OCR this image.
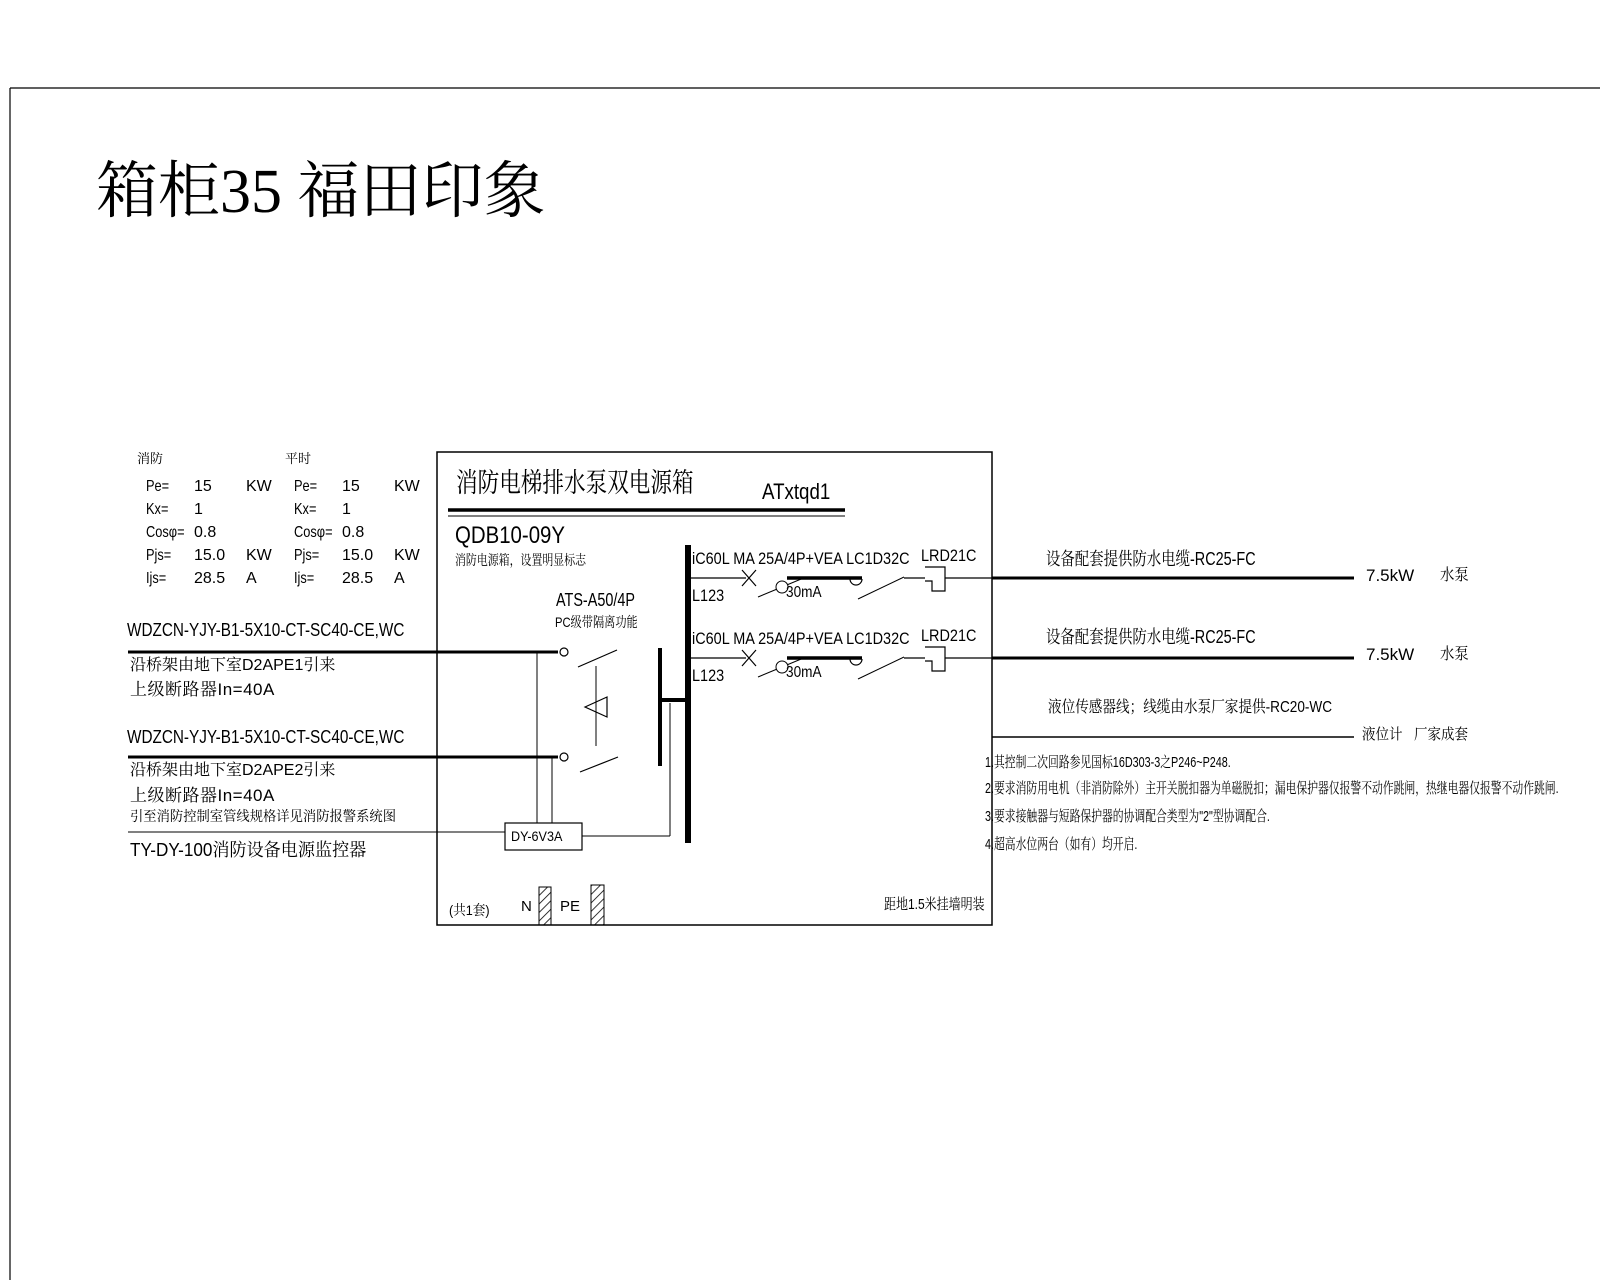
箱柜35 福田印象
消防
Pe=	15	KW
Kx=	1
Cosφ= 0.8
Pjs=	15.0	KW
Ijs=	28.5	A
平时
Pe=	15	KW
Kx=	1
Cosφ= 0.8
Pjs=	15.0	KW
Ijs=	28.5	A
消防电梯排水泵双电源箱	ATxtqd1
QDB10-09Y
消防电源箱，设置明显标志
ATS-A50/4P
PC级带隔离功能
WDZCN-YJY-B1-5X10-CT-SC40-CE,WC
沿桥架由地下室D2APE1引来
上级断路器In=40A
WDZCN-YJY-B1-5X10-CT-SC40-CE,WC
沿桥架由地下室D2APE2引来
上级断路器In=40A
引至消防控制室管线规格详见消防报警系统图
TY-DY-100消防设备电源监控器
iC60L MA 25A/4P+VEA LC1D32C LRD21C
L123	30mA
设备配套提供防水电缆-RC25-FC
7.5kW 水泵
iC60L MA 25A/4P+VEA LC1D32C LRD21C
L123	30mA
设备配套提供防水电缆-RC25-FC
7.5kW 水泵
液位传感器线；线缆由水泵厂家提供-RC20-WC
液位计 厂家成套
1.其控制二次回路参见国标16D303-3之P246~P248.
2.要求消防用电机（非消防除外）主开关脱扣器为单磁脱扣；漏电保护器仅报警不动作跳闸，热继电器仅报警不动作跳闸.
3.要求接触器与短路保护器的协调配合类型为"2"型协调配合.
4.超高水位两台（如有）均开启.
DY-6V3A
(共1套) N PE	距地1.5米挂墙明装
